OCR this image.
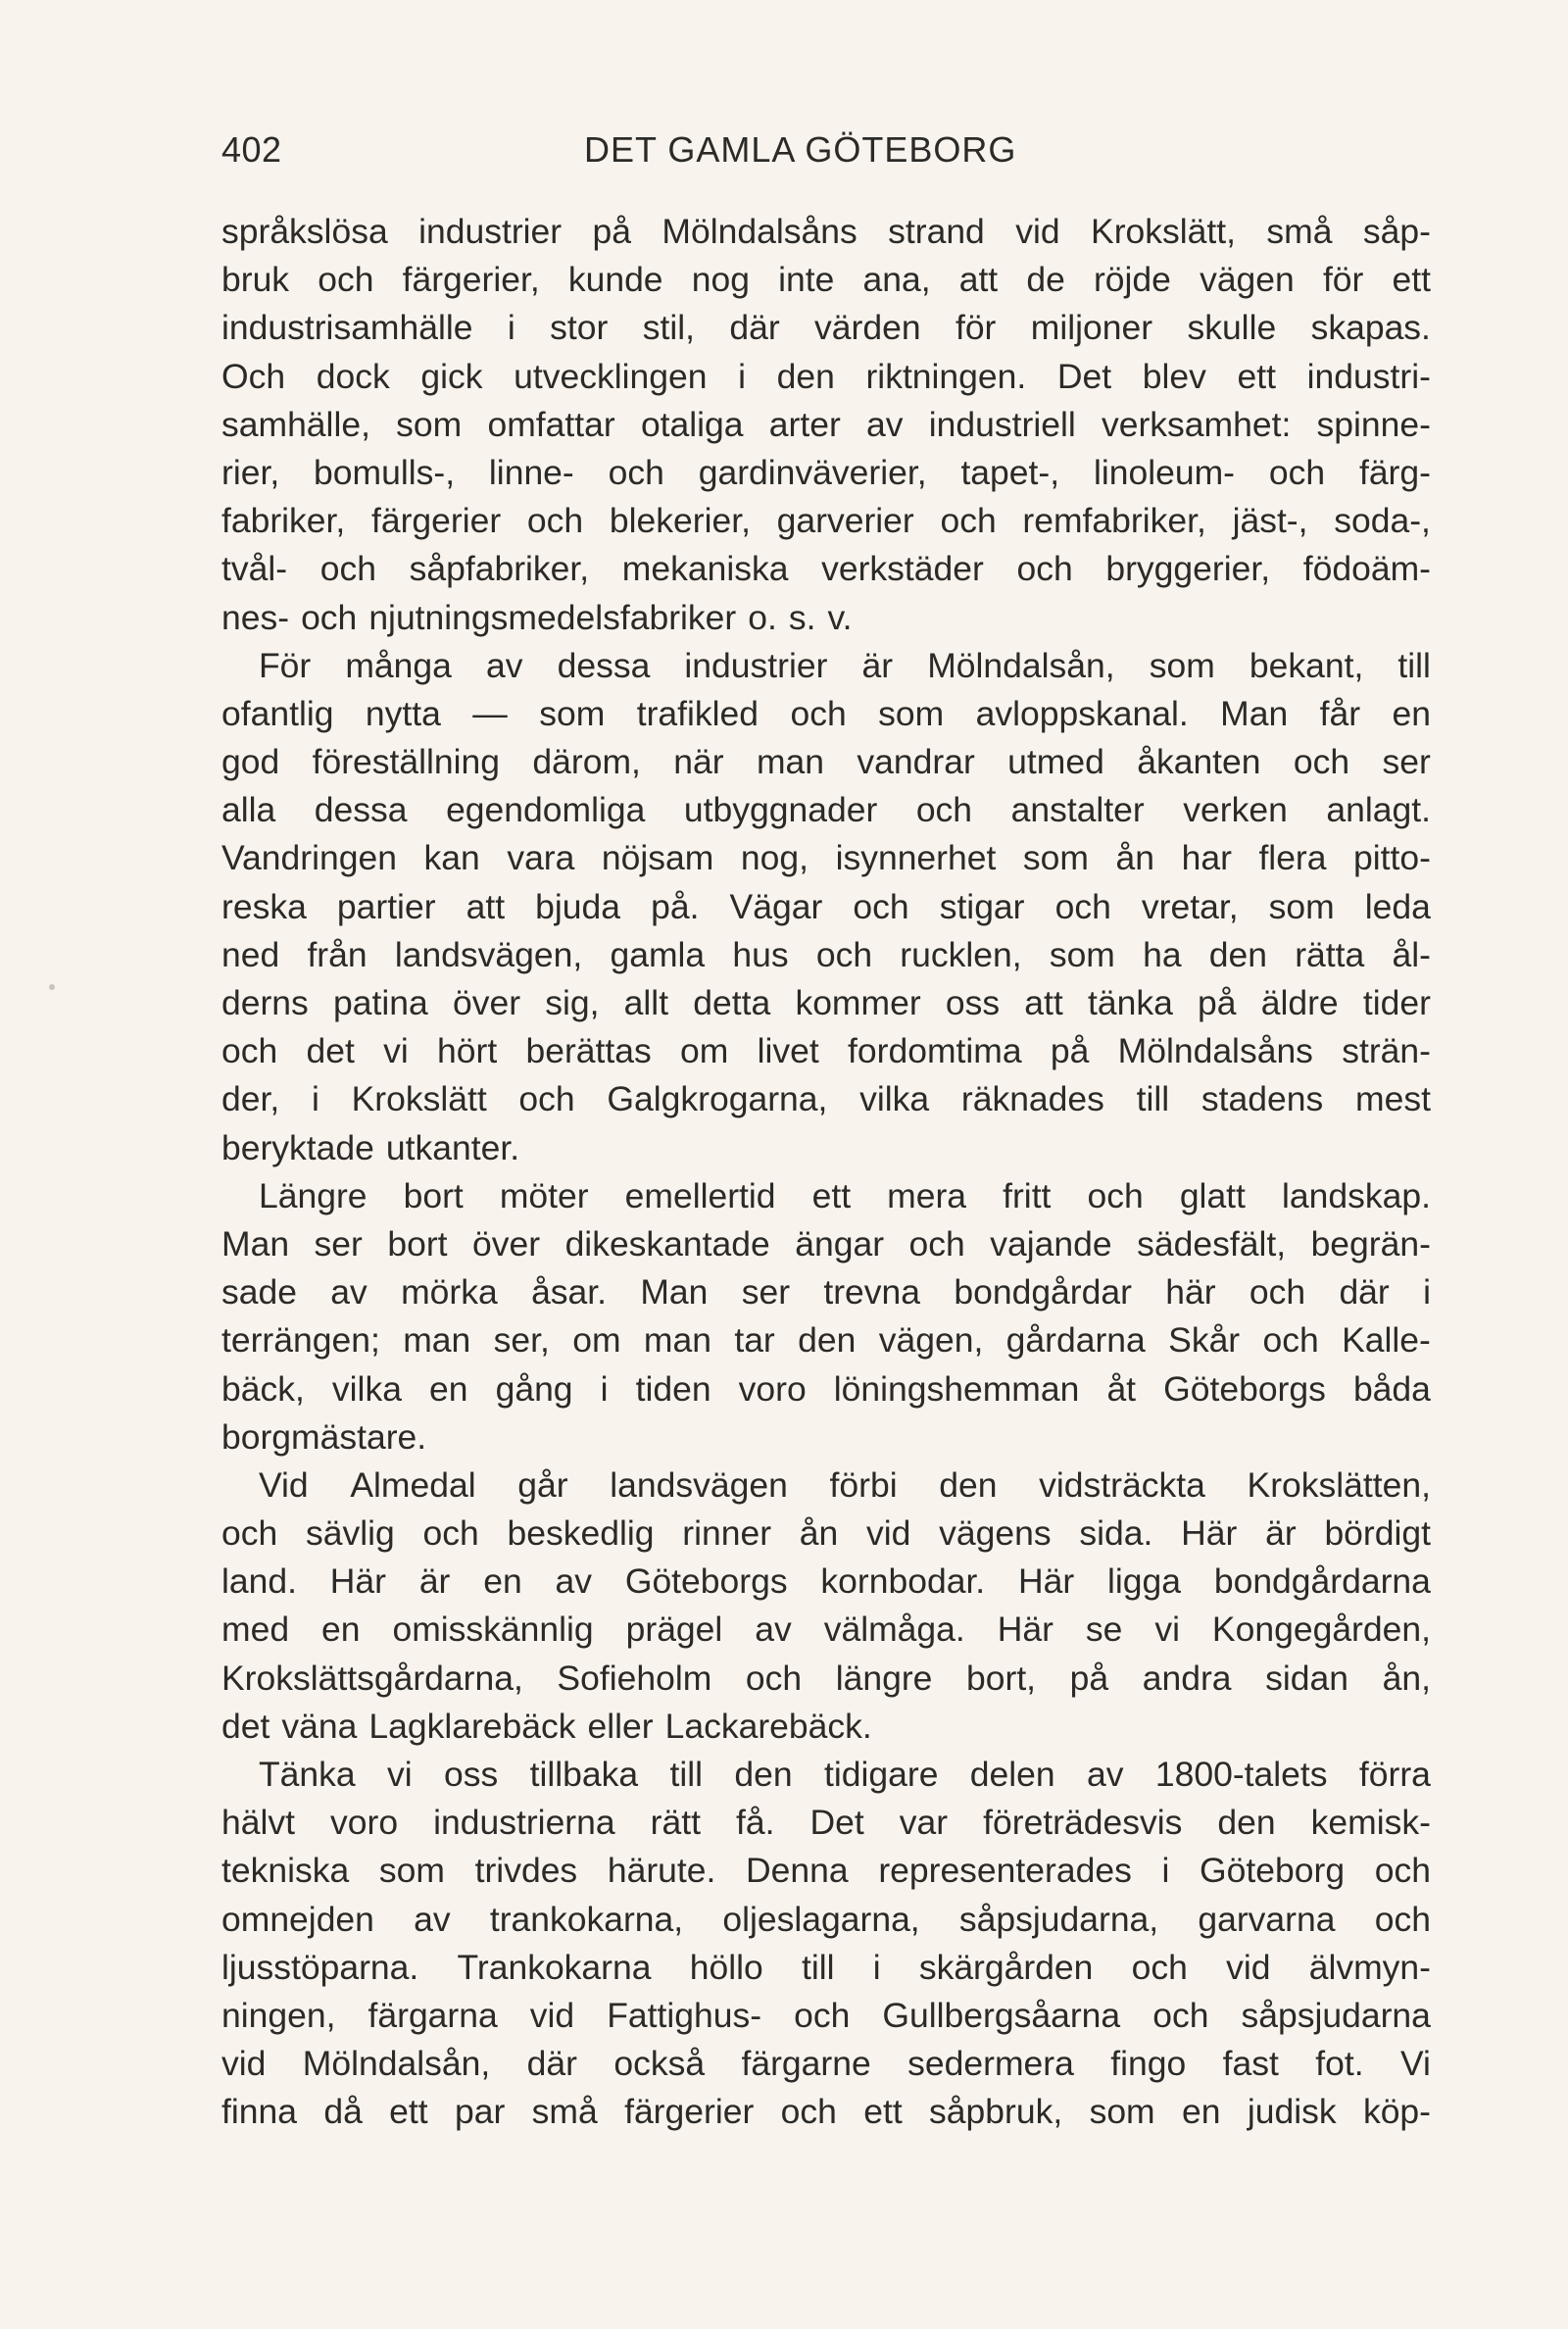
402	DET GAMLA GÖTEBORG
språkslösa industrier på Mölndalsåns strand vid Krokslätt, små såp-
bruk och färgerier, kunde nog inte ana, att de röjde vägen för ett
industrisamhälle i stor stil, där värden för miljoner skulle skapas.
Och dock gick utvecklingen i den riktningen. Det blev ett industri-
samhälle, som omfattar otaliga arter av industriell verksamhet: spinne-
rier, bomulls-, linne- och gardinväverier, tapet-, linoleum- och färg-
fabriker, färgerier och blekerier, garverier och remfabriker, jäst-, soda-,
tvål- och såpfabriker, mekaniska verkstäder och bryggerier, födoäm-
nes- och njutningsmedelsfabriker o. s. v.
För många av dessa industrier är Mölndalsån, som bekant, till
ofantlig nytta — som trafikled och som avloppskanal. Man får en
god föreställning därom, när man vandrar utmed åkanten och ser
alla dessa egendomliga utbyggnader och anstalter verken anlagt.
Vandringen kan vara nöjsam nog, isynnerhet som ån har flera pitto-
reska partier att bjuda på. Vägar och stigar och vretar, som leda
ned från landsvägen, gamla hus och rucklen, som ha den rätta ål-
derns patina över sig, allt detta kommer oss att tänka på äldre tider
och det vi hört berättas om livet fordomtima på Mölndalsåns strän-
der, i Krokslätt och Galgkrogarna, vilka räknades till stadens mest
beryktade utkanter.
Längre bort möter emellertid ett mera fritt och glatt landskap.
Man ser bort över dikeskantade ängar och vajande sädesfält, begrän-
sade av mörka åsar. Man ser trevna bondgårdar här och där i
terrängen; man ser, om man tar den vägen, gårdarna Skår och Kalle-
bäck, vilka en gång i tiden voro löningshemman åt Göteborgs båda
borgmästare.
Vid Almedal går landsvägen förbi den vidsträckta Krokslätten,
och sävlig och beskedlig rinner ån vid vägens sida. Här är bördigt
land. Här är en av Göteborgs kornbodar. Här ligga bondgårdarna
med en omisskännlig prägel av välmåga. Här se vi Kongegården,
Krokslättsgårdarna, Sofieholm och längre bort, på andra sidan ån,
det väna Lagklarebäck eller Lackarebäck.
Tänka vi oss tillbaka till den tidigare delen av 1800-talets förra
hälvt voro industrierna rätt få. Det var företrädesvis den kemisk-
tekniska som trivdes härute. Denna representerades i Göteborg och
omnejden av trankokarna, oljeslagarna, såpsjudarna, garvarna och
ljusstöparna. Trankokarna höllo till i skärgården och vid älvmyn-
ningen, färgarna vid Fattighus- och Gullbergsåarna och såpsjudarna
vid Mölndalsån, där också färgarne sedermera fingo fast fot. Vi
finna då ett par små färgerier och ett såpbruk, som en judisk köp-
